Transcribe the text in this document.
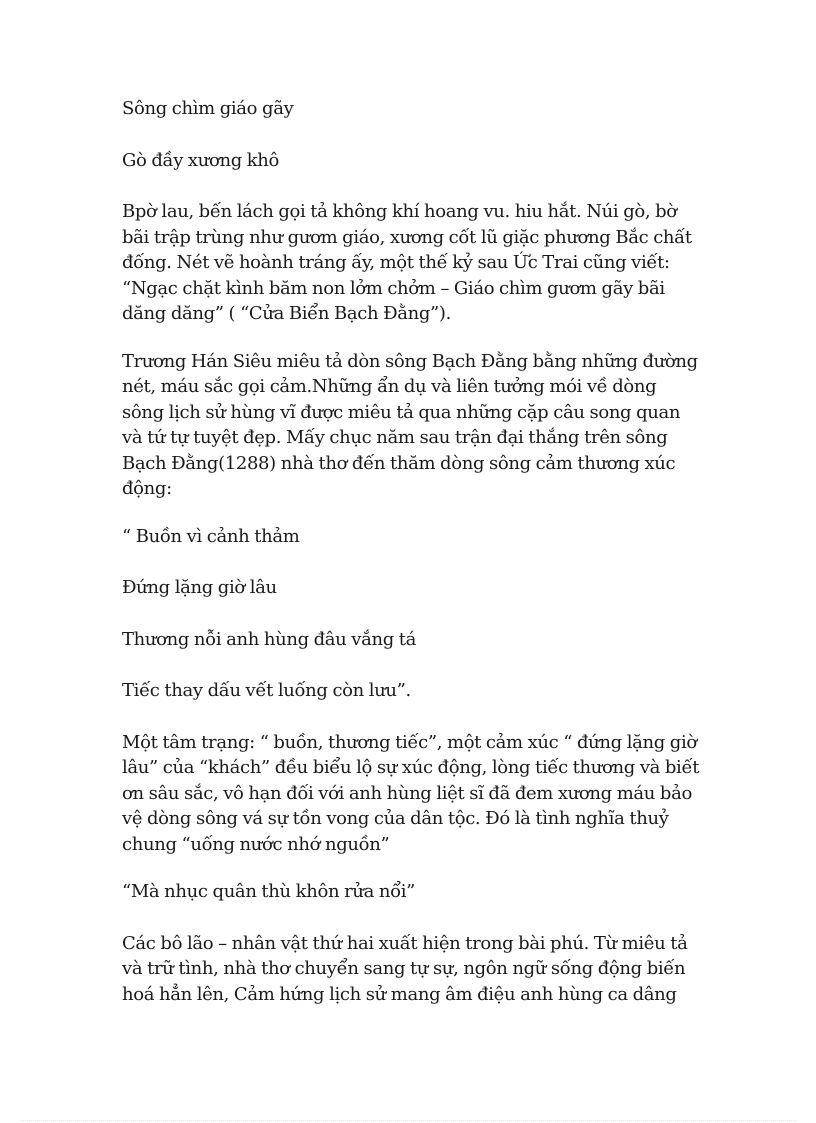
Sông chìm giáo gãy

Gò đầy xương khô

Bpờ lau, bến lách gọi tả không khí hoang vu. hiu hắt. Núi gò, bờ bãi trập trùng như gươm giáo, xương cốt lũ giặc phương Bắc chất đống. Nét vẽ hoành tráng ấy, một thế kỷ sau Ức Trai cũng viết: “Ngạc chặt kình băm non lởm chởm – Giáo chìm gươm gãy bãi dăng dăng” ( “Cửa Biển Bạch Đằng”).

Trương Hán Siêu miêu tả dòn sông Bạch Đằng bằng những đường nét, máu sắc gọi cảm.Những ẩn dụ và liên tưởng mói về dòng sông lịch sử hùng vĩ được miêu tả qua những cặp câu song quan và tứ tự tuyệt đẹp. Mấy chục năm sau trận đại thắng trên sông Bạch Đằng(1288) nhà thơ đến thăm dòng sông cảm thương xúc động:

“ Buồn vì cảnh thảm

Đứng lặng giờ lâu

Thương nỗi anh hùng đâu vắng tá

Tiếc thay dấu vết luống còn lưu”.

Một tâm trạng: “ buồn, thương tiếc”, một cảm xúc “ đứng lặng giờ lâu” của “khách” đều biểu lộ sự xúc động, lòng tiếc thương và biết ơn sâu sắc, vô hạn đối với anh hùng liệt sĩ đã đem xương máu bảo vệ dòng sông vá sự tồn vong của dân tộc. Đó là tình nghĩa thuỷ chung “uống nước nhớ nguồn”

“Mà nhục quân thù khôn rửa nổi”

Các bô lão – nhân vật thứ hai xuất hiện trong bài phú. Từ miêu tả và trữ tình, nhà thơ chuyển sang tự sự, ngôn ngữ sống động biến hoá hẳn lên, Cảm hứng lịch sử mang âm điệu anh hùng ca dâng
